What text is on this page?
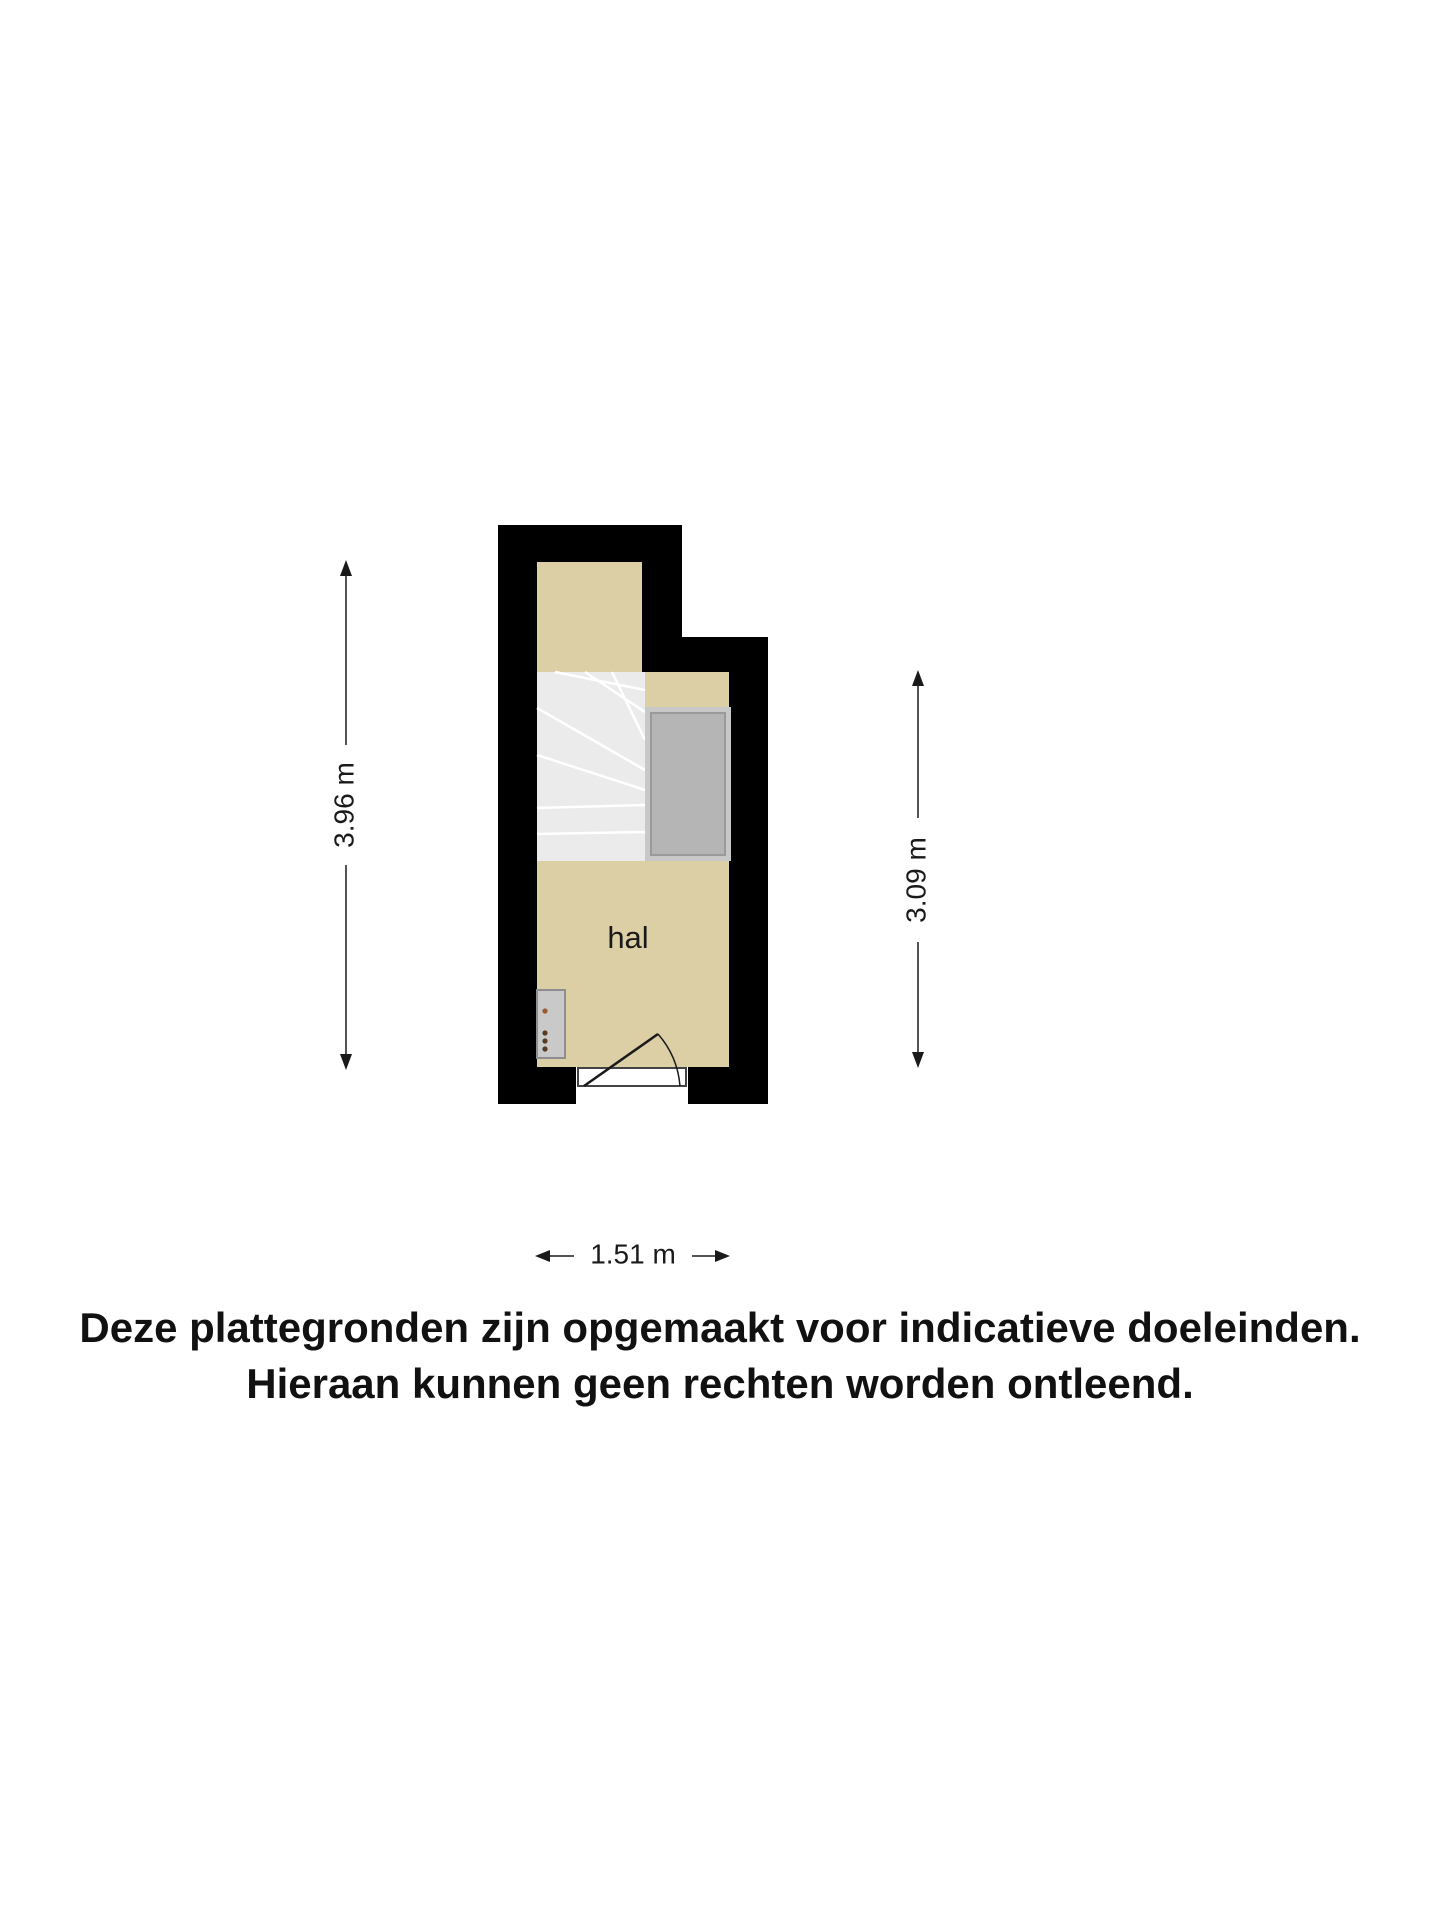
hal
3.96 m
3.09 m
1.51 m
Deze plattegronden zijn opgemaakt voor indicatieve doeleinden.
Hieraan kunnen geen rechten worden ontleend.
